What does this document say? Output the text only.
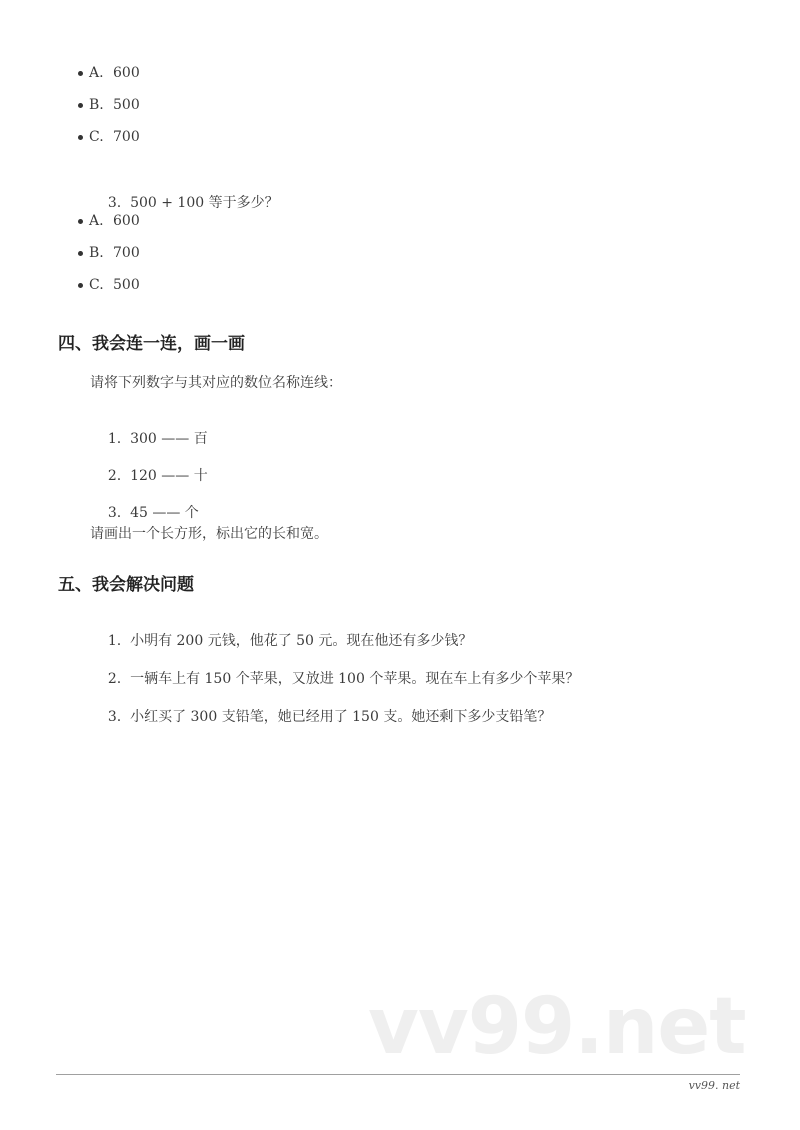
A. 600
B. 500
C. 700

3. 500 + 100 等于多少？

A. 600
B. 700
C. 500
四、我会连一连，画一画
请将下列数字与其对应的数位名称连线：

1. 300 —— 百

2. 120 —— 十

3. 45 —— 个

请画出一个长方形，标出它的长和宽。
五、我会解决问题

1. 小明有 200 元钱，他花了 50 元。现在他还有多少钱？

2. 一辆车上有 150 个苹果，又放进 100 个苹果。现在车上有多少个苹果？

3. 小红买了 300 支铅笔，她已经用了 150 支。她还剩下多少支铅笔？

vv99.net
vv99. net
